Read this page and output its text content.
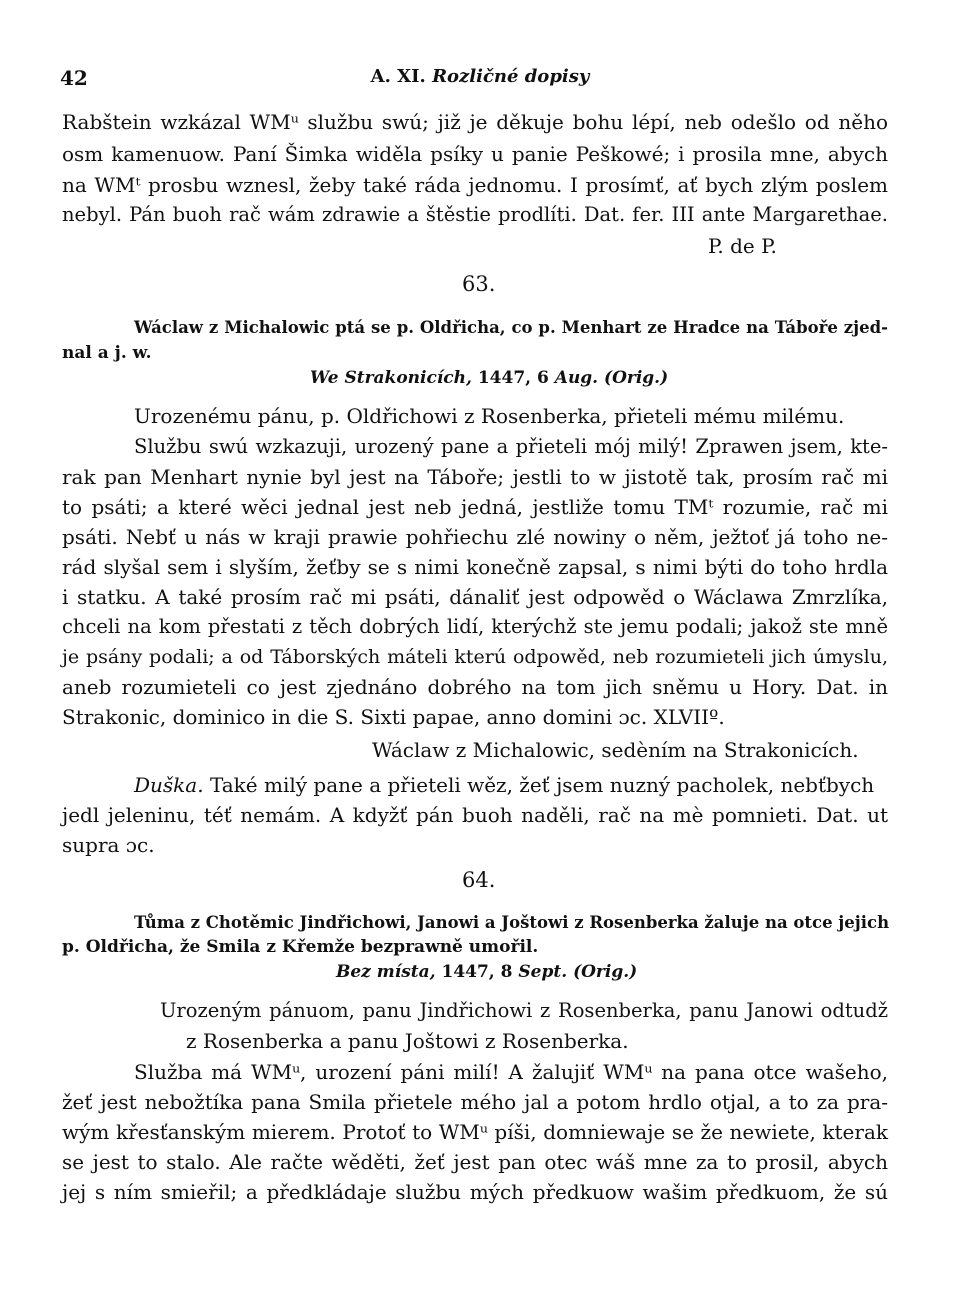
42	A. XI. Rozličné dopisy
Rabštein wzkázal WMᵘ službu swú; již je děkuje bohu lépí, neb odešlo od něho
osm kamenuow. Paní Šimka widěla psíky u panie Peškowé; i prosila mne, abych
na WMᵗ prosbu wznesl, žeby také ráda jednomu. I prosímť, ať bych zlým poslem
nebyl. Pán buoh rač wám zdrawie a štěstie prodlíti. Dat. fer. III ante Margarethae.
P. de P.
63.
Wáclaw z Michalowic ptá se p. Oldřicha, co p. Menhart ze Hradce na Táboře zjed-
nal a j. w.
We Strakonicích, 1447, 6 Aug. (Orig.)
Urozenému pánu, p. Oldřichowi z Rosenberka, přieteli mému milému.
Službu swú wzkazuji, urozený pane a přieteli mój milý! Zprawen jsem, kte-
rak pan Menhart nynie byl jest na Táboře; jestli to w jistotě tak, prosím rač mi
to psáti; a které wěci jednal jest neb jedná, jestliže tomu TMᵗ rozumie, rač mi
psáti. Nebť u nás w kraji prawie pohřiechu zlé nowiny o něm, ježtoť já toho ne-
rád slyšal sem i slyším, žeťby se s nimi konečně zapsal, s nimi býti do toho hrdla
i statku. A také prosím rač mi psáti, dánaliť jest odpowěd o Wáclawa Zmrzlíka,
chceli na kom přestati z těch dobrých lidí, kterýchž ste jemu podali; jakož ste mně
je psány podali; a od Táborských máteli kterú odpowěd, neb rozumieteli jich úmyslu,
aneb rozumieteli co jest zjednáno dobrého na tom jich sněmu u Hory. Dat. in
Strakonic, dominico in die S. Sixti papae, anno domini ɔc. XLVIIº.
Wáclaw z Michalowic, sedèním na Strakonicích.
Duška. Také milý pane a přieteli wěz, žeť jsem nuzný pacholek, nebťbych
jedl jeleninu, téť nemám. A kdyžť pán buoh naděli, rač na mè pomnieti. Dat. ut
supra ɔc.
64.
Tůma z Chotěmic Jindřichowi, Janowi a Joštowi z Rosenberka žaluje na otce jejich
p. Oldřicha, že Smila z Křemže bezprawně umořil.
Bez místa, 1447, 8 Sept. (Orig.)
Urozeným pánuom, panu Jindřichowi z Rosenberka, panu Janowi odtudž
z Rosenberka a panu Joštowi z Rosenberka.
Služba má WMᵘ, urození páni milí! A žalujiť WMᵘ na pana otce wašeho,
žeť jest nebožtíka pana Smila přietele mého jal a potom hrdlo otjal, a to za pra-
wým křesťanským mierem. Protoť to WMᵘ píši, domniewaje se že newiete, kterak
se jest to stalo. Ale račte wěděti, žeť jest pan otec wáš mne za to prosil, abych
jej s ním smieřil; a předkládaje službu mých předkuow wašim předkuom, že sú
